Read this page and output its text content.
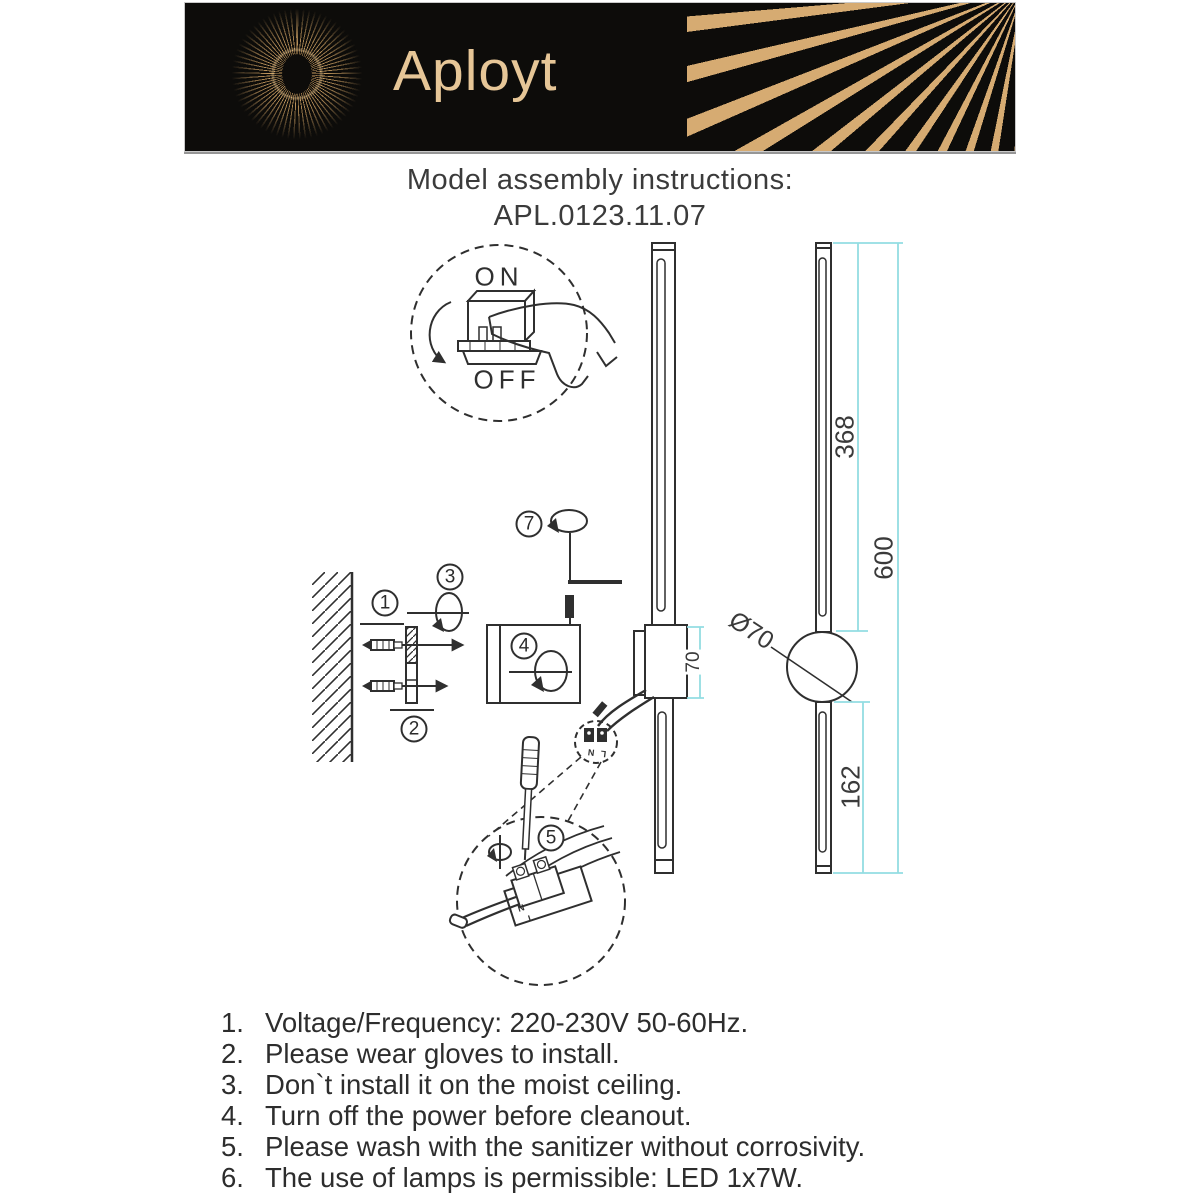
Aployt
Model assembly instructions:
APL.0123.11.07
ON
OFF
1
2
3
4
5
7
368
600
162
70
Ø70
L N
N
L
1. Voltage/Frequency: 220-230V 50-60Hz.
2. Please wear gloves to install.
3. Don`t install it on the moist ceiling.
4. Turn off the power before cleanout.
5. Please wash with the sanitizer without corrosivity.
6. The use of lamps is permissible: LED 1x7W.
